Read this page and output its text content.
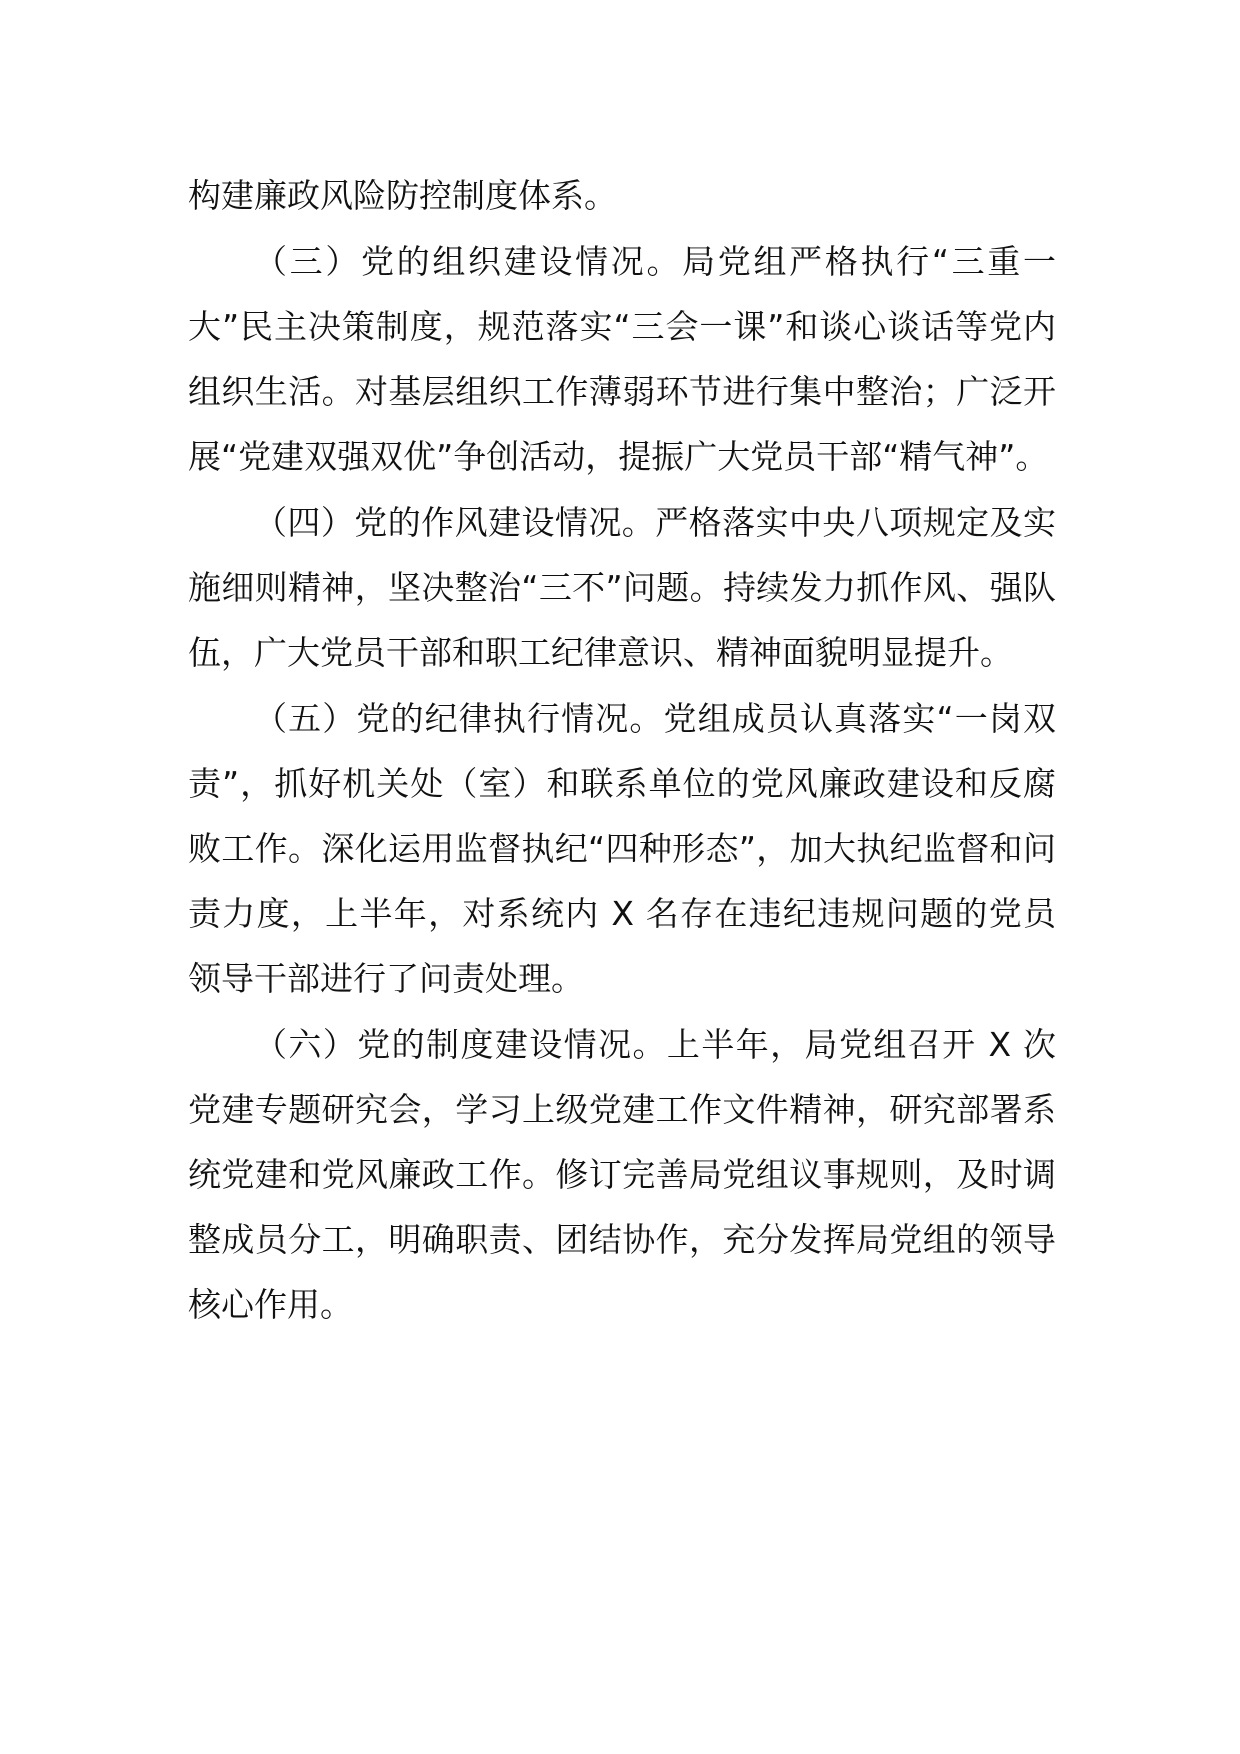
构建廉政风险防控制度体系。

（三）党的组织建设情况。局党组严格执行“三重一大”民主决策制度，规范落实“三会一课”和谈心谈话等党内组织生活。对基层组织工作薄弱环节进行集中整治；广泛开展“党建双强双优”争创活动，提振广大党员干部“精气神”。

（四）党的作风建设情况。严格落实中央八项规定及实施细则精神，坚决整治“三不”问题。持续发力抓作风、强队伍，广大党员干部和职工纪律意识、精神面貌明显提升。

（五）党的纪律执行情况。党组成员认真落实“一岗双责”，抓好机关处（室）和联系单位的党风廉政建设和反腐败工作。深化运用监督执纪“四种形态”，加大执纪监督和问责力度，上半年，对系统内 X 名存在违纪违规问题的党员领导干部进行了问责处理。

（六）党的制度建设情况。上半年，局党组召开 X 次党建专题研究会，学习上级党建工作文件精神，研究部署系统党建和党风廉政工作。修订完善局党组议事规则，及时调整成员分工，明确职责、团结协作，充分发挥局党组的领导核心作用。
